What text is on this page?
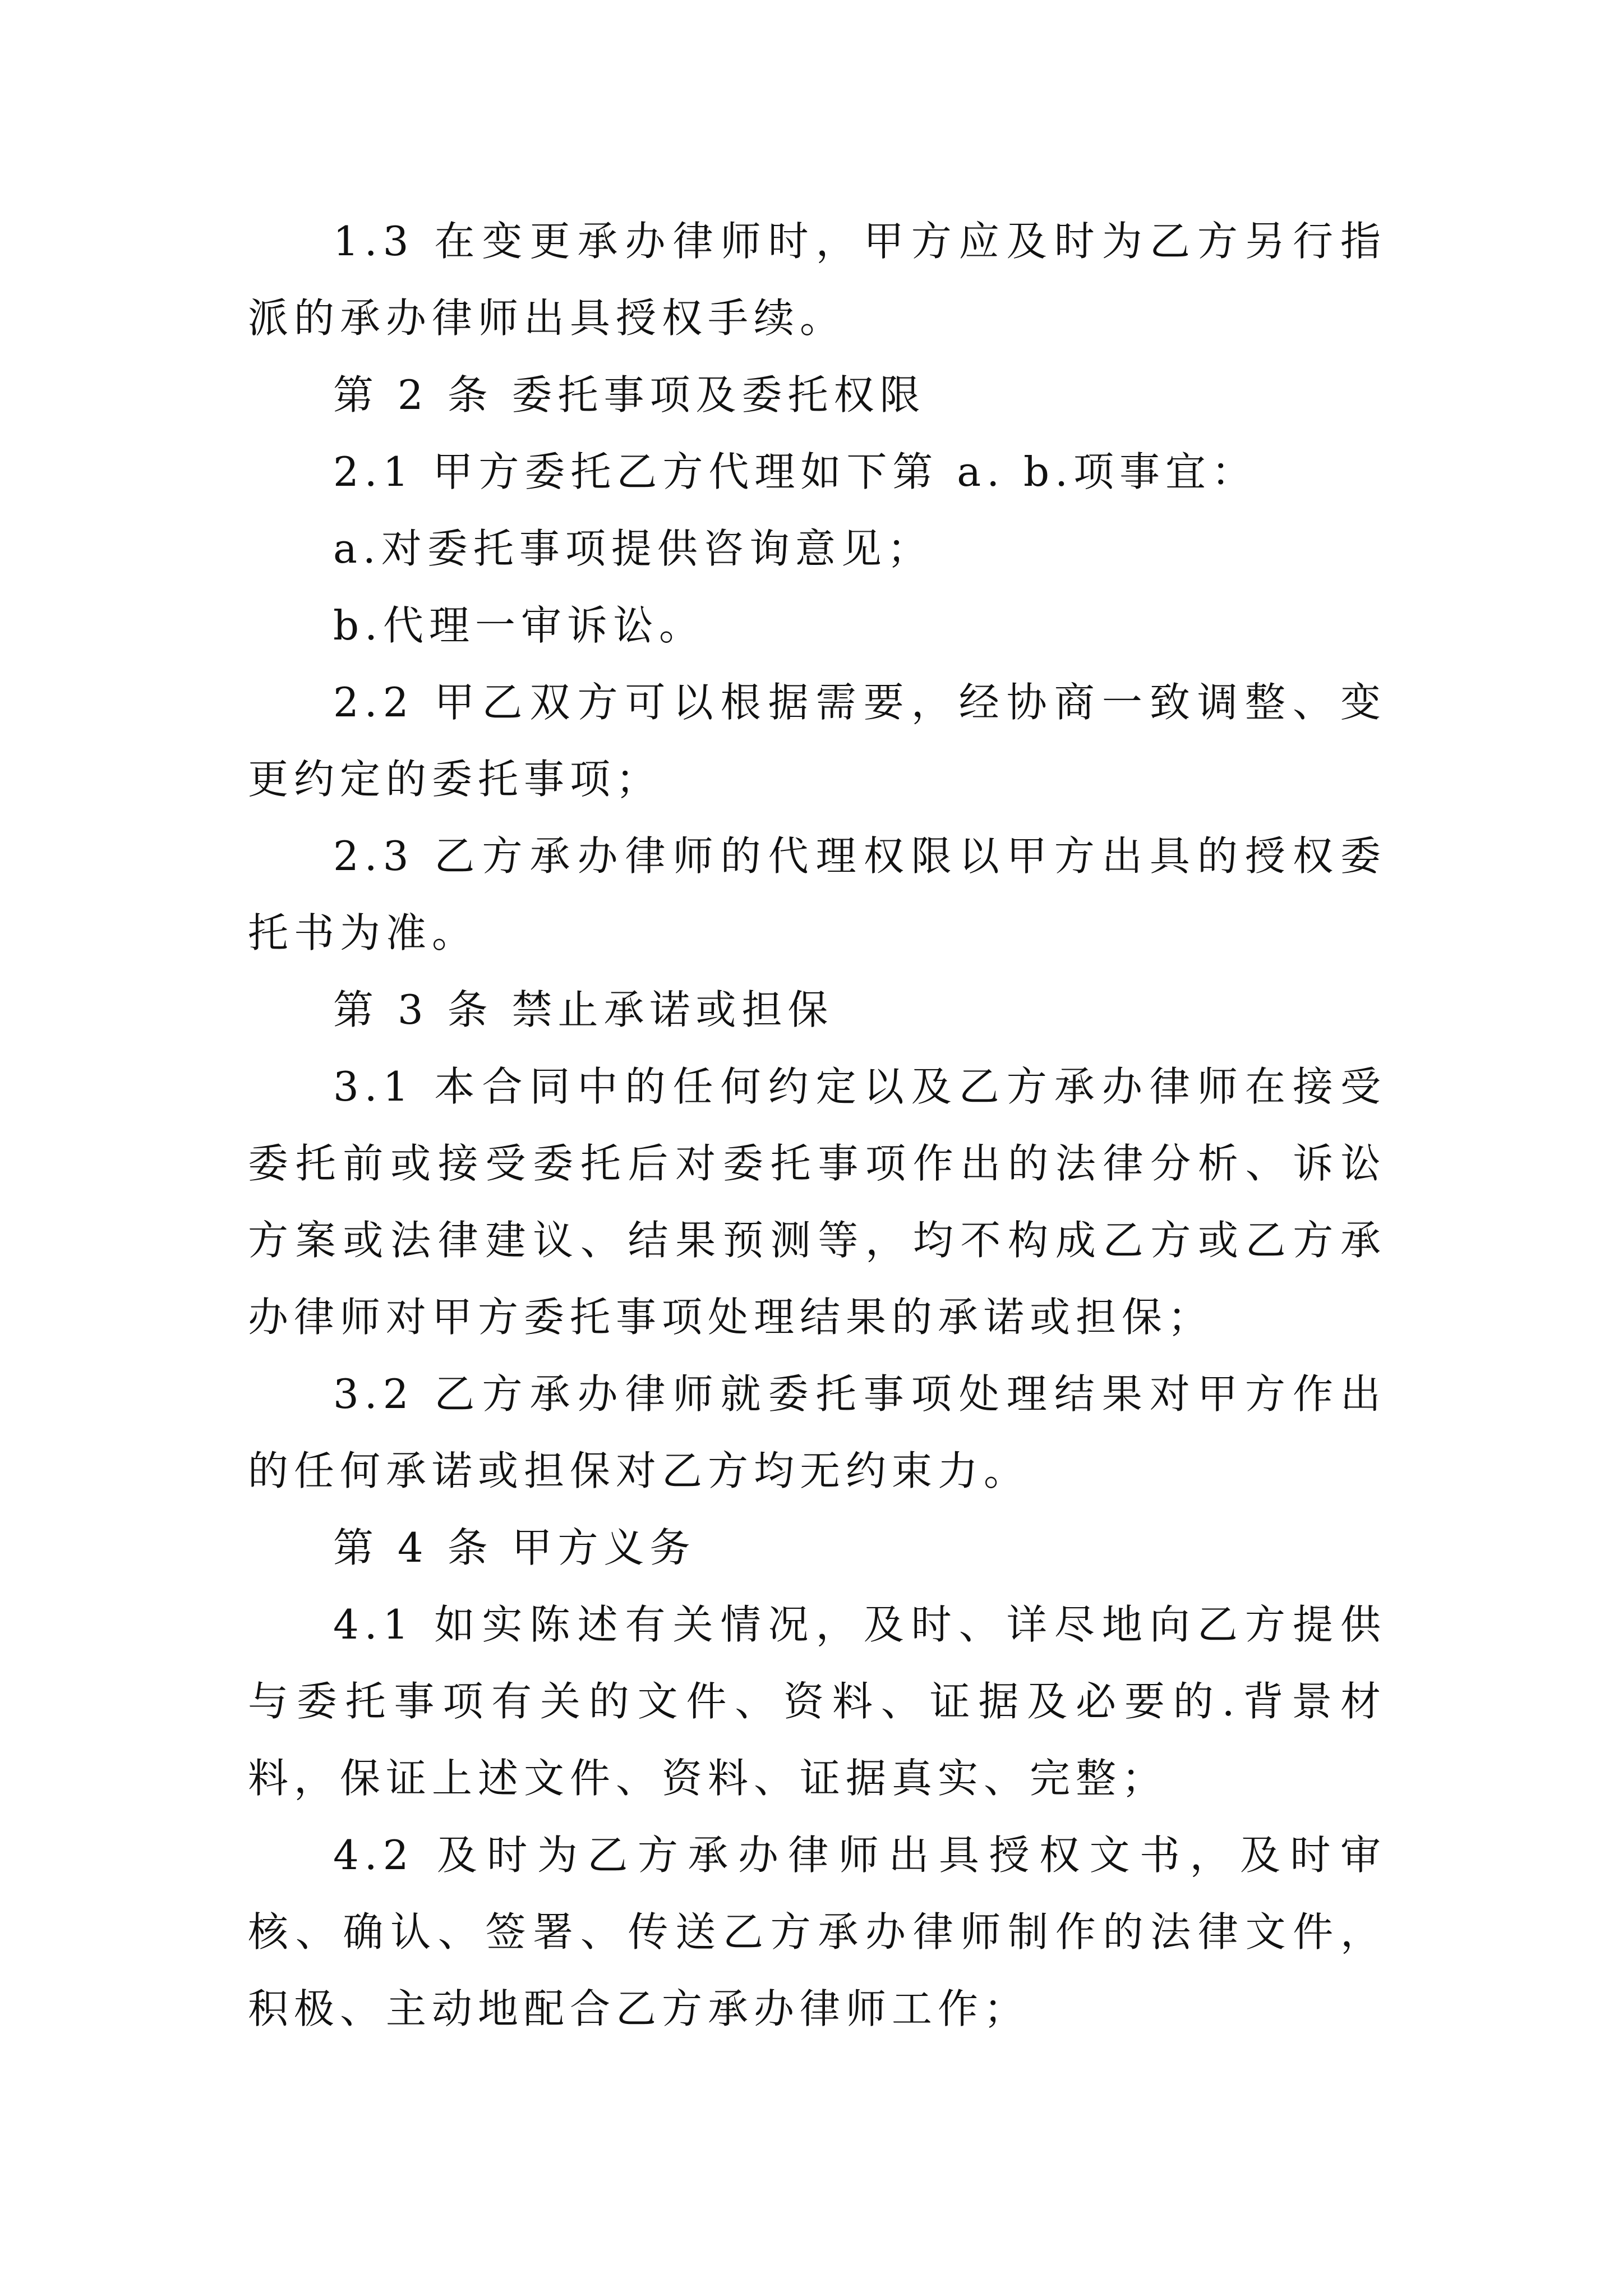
1.3 在变更承办律师时，甲方应及时为乙方另行指派的承办律师出具授权手续。

第 2 条 委托事项及委托权限

2.1 甲方委托乙方代理如下第 a. b.项事宜：

a.对委托事项提供咨询意见；

b.代理一审诉讼。

2.2 甲乙双方可以根据需要，经协商一致调整、变更约定的委托事项；

2.3 乙方承办律师的代理权限以甲方出具的授权委托书为准。

第 3 条 禁止承诺或担保

3.1 本合同中的任何约定以及乙方承办律师在接受委托前或接受委托后对委托事项作出的法律分析、诉讼方案或法律建议、结果预测等，均不构成乙方或乙方承办律师对甲方委托事项处理结果的承诺或担保；

3.2 乙方承办律师就委托事项处理结果对甲方作出的任何承诺或担保对乙方均无约束力。

第 4 条 甲方义务

4.1 如实陈述有关情况，及时、详尽地向乙方提供与委托事项有关的文件、资料、证据及必要的.背景材料，保证上述文件、资料、证据真实、完整；

4.2 及时为乙方承办律师出具授权文书，及时审核、确认、签署、传送乙方承办律师制作的法律文件，积极、主动地配合乙方承办律师工作；
